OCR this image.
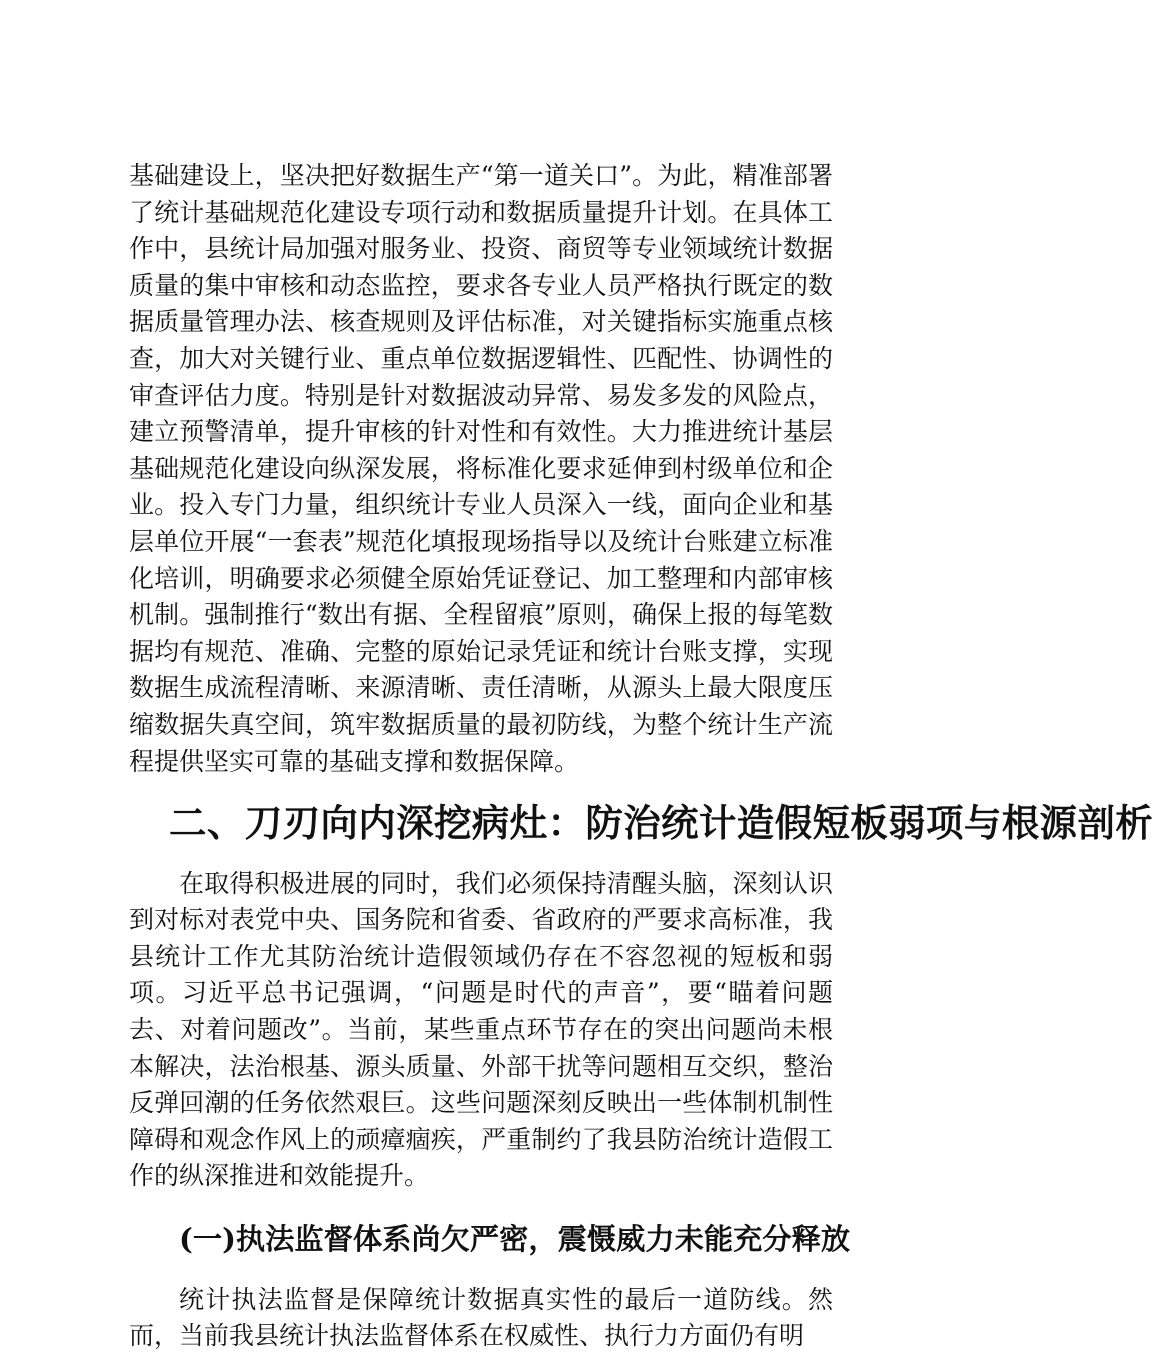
基础建设上，坚决把好数据生产“第一道关口”。为此，精准部署了统计基础规范化建设专项行动和数据质量提升计划。在具体工作中，县统计局加强对服务业、投资、商贸等专业领域统计数据质量的集中审核和动态监控，要求各专业人员严格执行既定的数据质量管理办法、核查规则及评估标准，对关键指标实施重点核查，加大对关键行业、重点单位数据逻辑性、匹配性、协调性的审查评估力度。特别是针对数据波动异常、易发多发的风险点，建立预警清单，提升审核的针对性和有效性。大力推进统计基层基础规范化建设向纵深发展，将标准化要求延伸到村级单位和企业。投入专门力量，组织统计专业人员深入一线，面向企业和基层单位开展“一套表”规范化填报现场指导以及统计台账建立标准化培训，明确要求必须健全原始凭证登记、加工整理和内部审核机制。强制推行“数出有据、全程留痕”原则，确保上报的每笔数据均有规范、准确、完整的原始记录凭证和统计台账支撑，实现数据生成流程清晰、来源清晰、责任清晰，从源头上最大限度压缩数据失真空间，筑牢数据质量的最初防线，为整个统计生产流程提供坚实可靠的基础支撑和数据保障。

二、刀刃向内深挖病灶：防治统计造假短板弱项与根源剖析

在取得积极进展的同时，我们必须保持清醒头脑，深刻认识到对标对表党中央、国务院和省委、省政府的严要求高标准，我县统计工作尤其防治统计造假领域仍存在不容忽视的短板和弱项。习近平总书记强调，“问题是时代的声音”，要“瞄着问题去、对着问题改”。当前，某些重点环节存在的突出问题尚未根本解决，法治根基、源头质量、外部干扰等问题相互交织，整治反弹回潮的任务依然艰巨。这些问题深刻反映出一些体制机制性障碍和观念作风上的顽瘴痼疾，严重制约了我县防治统计造假工作的纵深推进和效能提升。

(一)执法监督体系尚欠严密，震慑威力未能充分释放

统计执法监督是保障统计数据真实性的最后一道防线。然而，当前我县统计执法监督体系在权威性、执行力方面仍有明
